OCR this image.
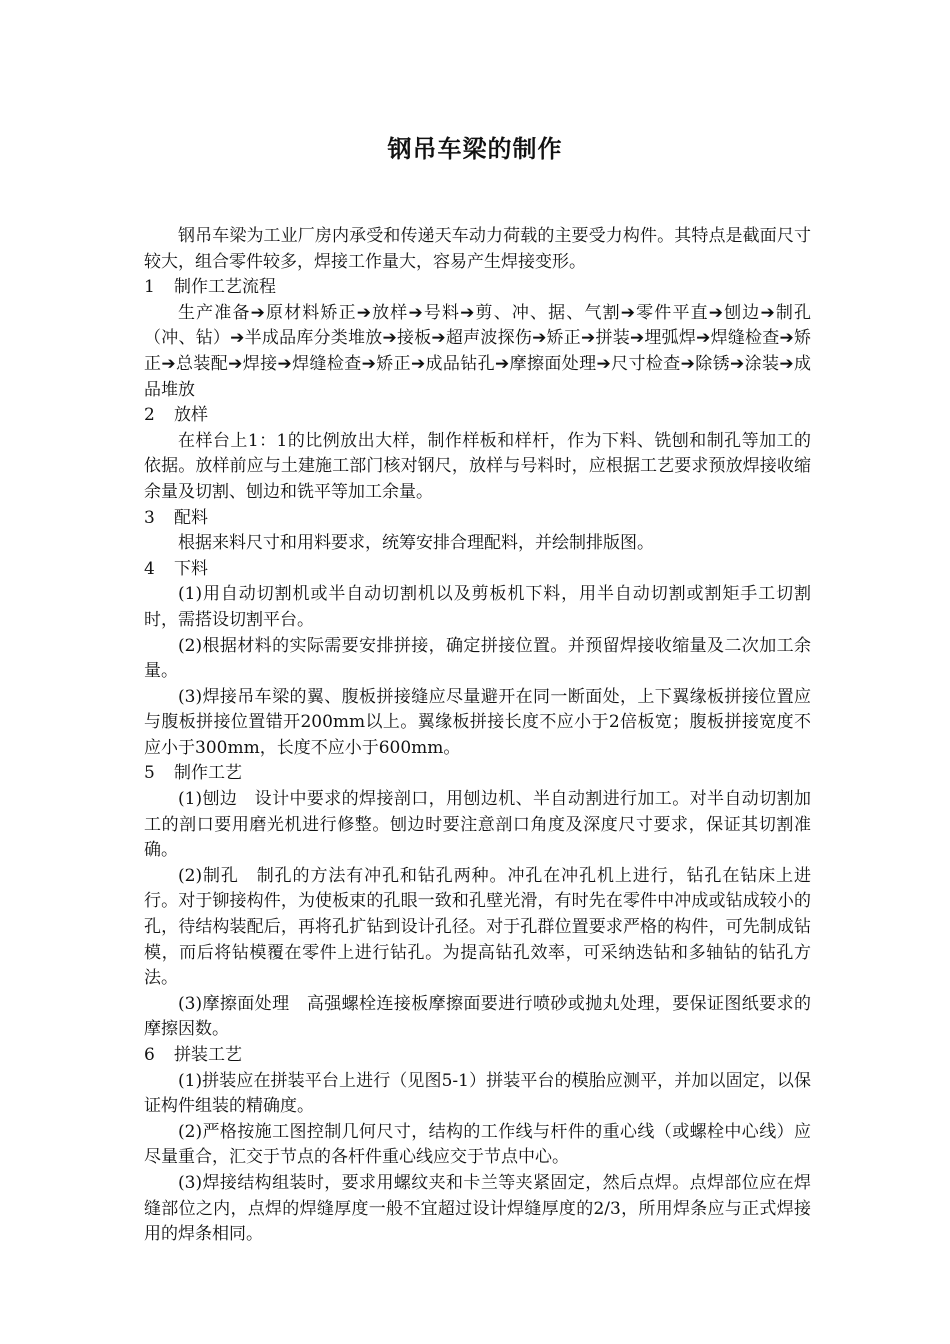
钢吊车梁的制作

钢吊车梁为工业厂房内承受和传递天车动力荷载的主要受力构件。其特点是截面尺寸较大，组合零件较多，焊接工作量大，容易产生焊接变形。

1 制作工艺流程

生产准备➔原材料矫正➔放样➔号料➔剪、冲、据、气割➔零件平直➔刨边➔制孔（冲、钻）➔半成品库分类堆放➔接板➔超声波探伤➔矫正➔拼装➔埋弧焊➔焊缝检查➔矫正➔总装配➔焊接➔焊缝检查➔矫正➔成品钻孔➔摩擦面处理➔尺寸检查➔除锈➔涂装➔成品堆放

2 放样

在样台上1：1的比例放出大样，制作样板和样杆，作为下料、铣刨和制孔等加工的依据。放样前应与土建施工部门核对钢尺，放样与号料时，应根据工艺要求预放焊接收缩余量及切割、刨边和铣平等加工余量。

3 配料

根据来料尺寸和用料要求，统筹安排合理配料，并绘制排版图。

4 下料

(1)用自动切割机或半自动切割机以及剪板机下料，用半自动切割或割矩手工切割时，需搭设切割平台。

(2)根据材料的实际需要安排拼接，确定拼接位置。并预留焊接收缩量及二次加工余量。

(3)焊接吊车梁的翼、腹板拼接缝应尽量避开在同一断面处，上下翼缘板拼接位置应与腹板拼接位置错开200mm以上。翼缘板拼接长度不应小于2倍板宽；腹板拼接宽度不应小于300mm，长度不应小于600mm。

5 制作工艺

(1)刨边　设计中要求的焊接剖口，用刨边机、半自动割进行加工。对半自动切割加工的剖口要用磨光机进行修整。刨边时要注意剖口角度及深度尺寸要求，保证其切割准确。

(2)制孔　制孔的方法有冲孔和钻孔两种。冲孔在冲孔机上进行，钻孔在钻床上进行。对于铆接构件，为使板束的孔眼一致和孔壁光滑，有时先在零件中冲成或钻成较小的孔，待结构装配后，再将孔扩钻到设计孔径。对于孔群位置要求严格的构件，可先制成钻模，而后将钻模覆在零件上进行钻孔。为提高钻孔效率，可采纳迭钻和多轴钻的钻孔方法。

(3)摩擦面处理　高强螺栓连接板摩擦面要进行喷砂或抛丸处理，要保证图纸要求的摩擦因数。

6 拼装工艺

(1)拼装应在拼装平台上进行（见图5-1）拼装平台的模胎应测平，并加以固定，以保证构件组装的精确度。

(2)严格按施工图控制几何尺寸，结构的工作线与杆件的重心线（或螺栓中心线）应尽量重合，汇交于节点的各杆件重心线应交于节点中心。

(3)焊接结构组装时，要求用螺纹夹和卡兰等夹紧固定，然后点焊。点焊部位应在焊缝部位之内，点焊的焊缝厚度一般不宜超过设计焊缝厚度的2/3，所用焊条应与正式焊接用的焊条相同。
